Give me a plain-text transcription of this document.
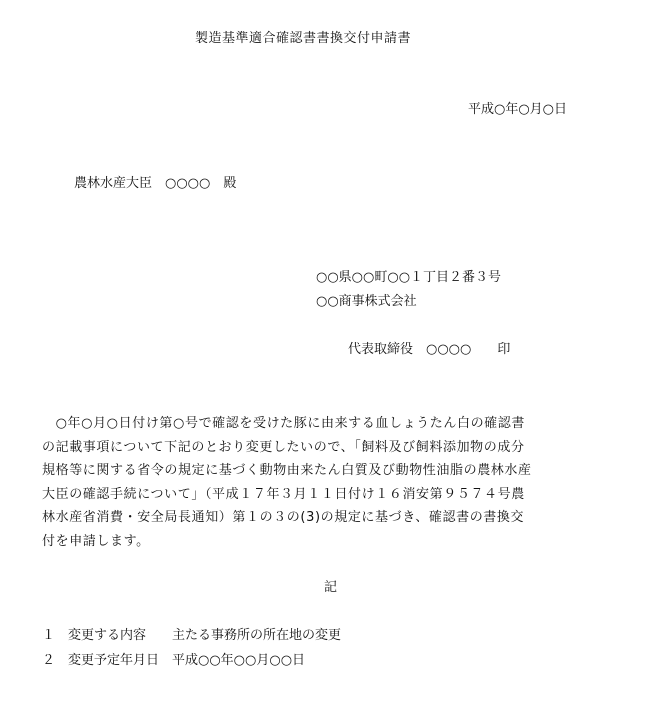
製造基準適合確認書書換交付申請書
平成○年○月○日
農林水産大臣　○○○○　殿
○○県○○町○○１丁目２番３号
○○商事株式会社
代表取締役　○○○○　　印
　○年○月○日付け第○号で確認を受けた豚に由来する血しょうたん白の確認書
の記載事項について下記のとおり変更したいので、「飼料及び飼料添加物の成分
規格等に関する省令の規定に基づく動物由来たん白質及び動物性油脂の農林水産
大臣の確認手続について」（平成１７年３月１１日付け１６消安第９５７４号農
林水産省消費・安全局長通知）第１の３の(3)の規定に基づき、確認書の書換交
付を申請します。
記
１　変更する内容　　主たる事務所の所在地の変更
２　変更予定年月日　平成○○年○○月○○日
